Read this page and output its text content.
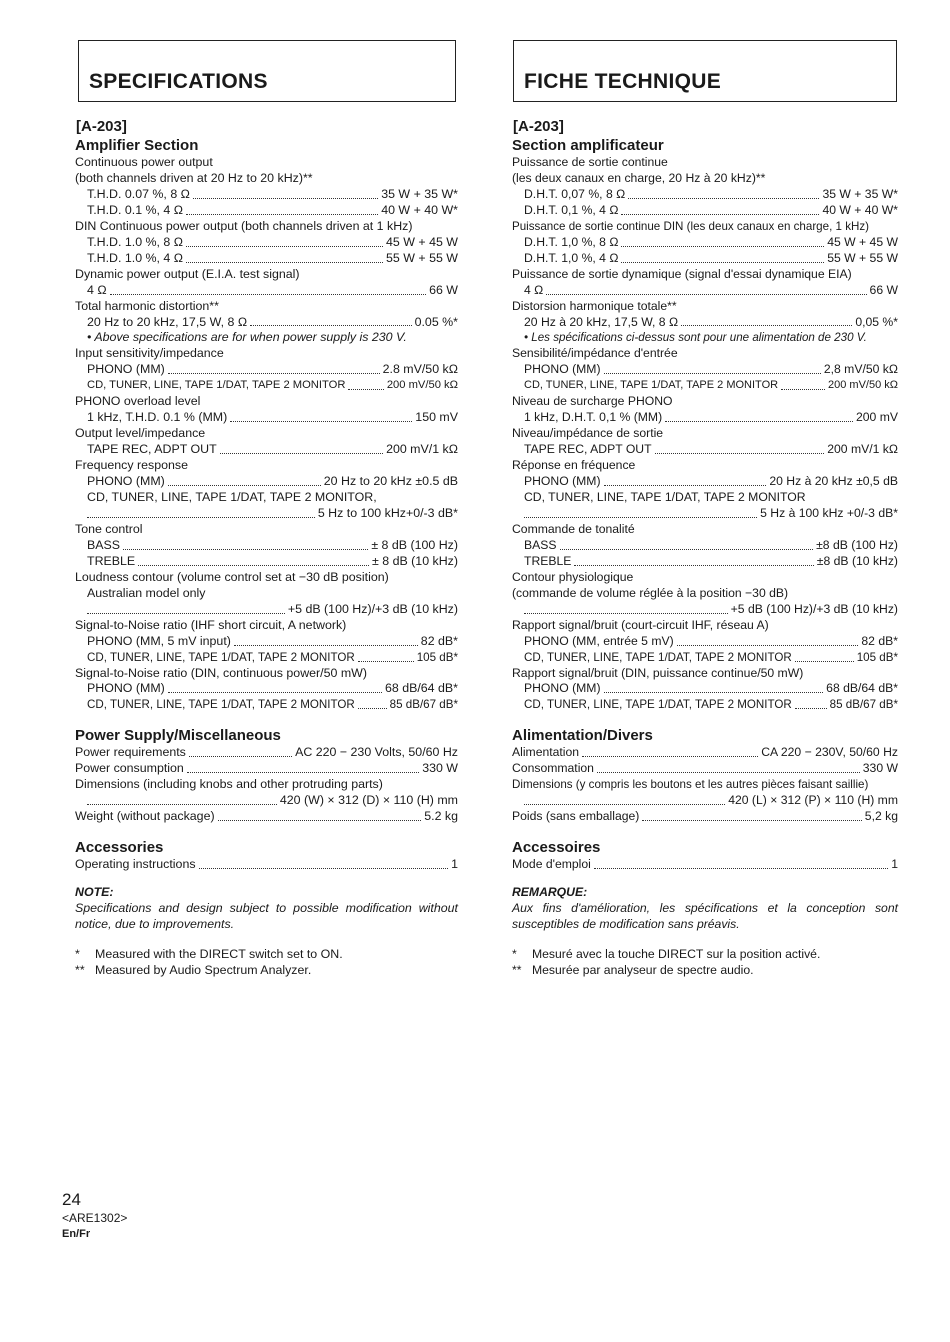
SPECIFICATIONS
[A-203]
Amplifier Section
Continuous power output
(both channels driven at 20 Hz to 20 kHz)**
T.H.D. 0.07 %, 8 Ω	35 W + 35 W*
T.H.D. 0.1 %, 4 Ω	40 W + 40 W*
DIN Continuous power output (both channels driven at 1 kHz)
T.H.D. 1.0 %, 8 Ω	45 W + 45 W
T.H.D. 1.0 %, 4 Ω	55 W + 55 W
Dynamic power output (E.I.A. test signal)
4 Ω	66 W
Total harmonic distortion**
20 Hz to 20 kHz, 17,5 W, 8 Ω	0.05 %*
• Above specifications are for when power supply is 230 V.
Input sensitivity/impedance
PHONO (MM)	2.8 mV/50 kΩ
CD, TUNER, LINE, TAPE 1/DAT, TAPE 2 MONITOR	200 mV/50 kΩ
PHONO overload level
1 kHz, T.H.D. 0.1 % (MM)	150 mV
Output level/impedance
TAPE REC, ADPT OUT	200 mV/1 kΩ
Frequency response
PHONO (MM)	20 Hz to 20 kHz ±0.5 dB
CD, TUNER, LINE, TAPE 1/DAT, TAPE 2 MONITOR,
5 Hz to 100 kHz+0/-3 dB*
Tone control
BASS	± 8 dB (100 Hz)
TREBLE	± 8 dB (10 kHz)
Loudness contour (volume control set at −30 dB position)
Australian model only
+5 dB (100 Hz)/+3 dB (10 kHz)
Signal-to-Noise ratio (IHF short circuit, A network)
PHONO (MM, 5 mV input)	82 dB*
CD, TUNER, LINE, TAPE 1/DAT, TAPE 2 MONITOR	105 dB*
Signal-to-Noise ratio (DIN, continuous power/50 mW)
PHONO (MM)	68 dB/64 dB*
CD, TUNER, LINE, TAPE 1/DAT, TAPE 2 MONITOR	85 dB/67 dB*
Power Supply/Miscellaneous
Power requirements	AC 220 − 230 Volts, 50/60 Hz
Power consumption	330 W
Dimensions (including knobs and other protruding parts)
420 (W) × 312 (D) × 110 (H) mm
Weight (without package)	5.2 kg
Accessories
Operating instructions	1
NOTE:
Specifications and design subject to possible modification without notice, due to improvements.
*	Measured with the DIRECT switch set to ON.
** Measured by Audio Spectrum Analyzer.
FICHE TECHNIQUE
[A-203]
Section amplificateur
Puissance de sortie continue
(les deux canaux en charge, 20 Hz à 20 kHz)**
D.H.T. 0,07 %, 8 Ω	35 W + 35 W*
D.H.T. 0,1 %, 4 Ω	40 W + 40 W*
Puissance de sortie continue DIN (les deux canaux en charge, 1 kHz)
D.H.T. 1,0 %, 8 Ω	45 W + 45 W
D.H.T. 1,0 %, 4 Ω	55 W + 55 W
Puissance de sortie dynamique (signal d'essai dynamique EIA)
4 Ω	66 W
Distorsion harmonique totale**
20 Hz à 20 kHz, 17,5 W, 8 Ω	0,05 %*
• Les spécifications ci-dessus sont pour une alimentation de 230 V.
Sensibilité/impédance d'entrée
PHONO (MM)	2,8 mV/50 kΩ
CD, TUNER, LINE, TAPE 1/DAT, TAPE 2 MONITOR	200 mV/50 kΩ
Niveau de surcharge PHONO
1 kHz, D.H.T. 0,1 % (MM)	200 mV
Niveau/impédance de sortie
TAPE REC, ADPT OUT	200 mV/1 kΩ
Réponse en fréquence
PHONO (MM)	20 Hz à 20 kHz ±0,5 dB
CD, TUNER, LINE, TAPE 1/DAT, TAPE 2 MONITOR
5 Hz à 100 kHz +0/-3 dB*
Commande de tonalité
BASS	±8 dB (100 Hz)
TREBLE	±8 dB (10 kHz)
Contour physiologique
(commande de volume réglée à la position −30 dB)
+5 dB (100 Hz)/+3 dB (10 kHz)
Rapport signal/bruit (court-circuit IHF, réseau A)
PHONO (MM, entrée 5 mV)	82 dB*
CD, TUNER, LINE, TAPE 1/DAT, TAPE 2 MONITOR	105 dB*
Rapport signal/bruit (DIN, puissance continue/50 mW)
PHONO (MM)	68 dB/64 dB*
CD, TUNER, LINE, TAPE 1/DAT, TAPE 2 MONITOR	85 dB/67 dB*
Alimentation/Divers
Alimentation	CA 220 − 230V, 50/60 Hz
Consommation	330 W
Dimensions (y compris les boutons et les autres pièces faisant saillie)
420 (L) × 312 (P) × 110 (H) mm
Poids (sans emballage)	5,2 kg
Accessoires
Mode d'emploi	1
REMARQUE:
Aux fins d'amélioration, les spécifications et la conception sont susceptibles de modification sans préavis.
*	Mesuré avec la touche DIRECT sur la position activé.
** Mesurée par analyseur de spectre audio.
24
<ARE1302>
En/Fr
